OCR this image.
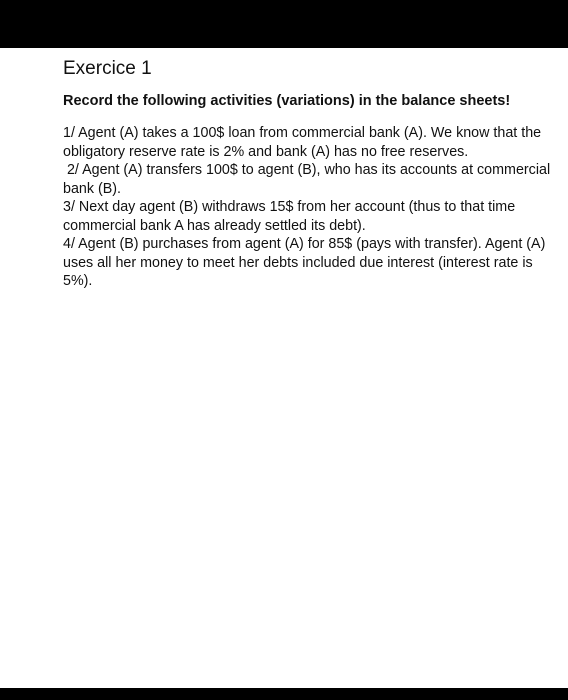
Exercice 1

Record the following activities (variations) in the balance sheets!

1/ Agent (A) takes a 100$ loan from commercial bank (A). We know that the obligatory reserve rate is 2% and bank (A) has no free reserves.
2/ Agent (A) transfers 100$ to agent (B), who has its accounts at commercial bank (B).
3/ Next day agent (B) withdraws 15$ from her account (thus to that time commercial bank A has already settled its debt).
4/ Agent (B) purchases from agent (A) for 85$ (pays with transfer). Agent (A) uses all her money to meet her debts included due interest (interest rate is 5%).
